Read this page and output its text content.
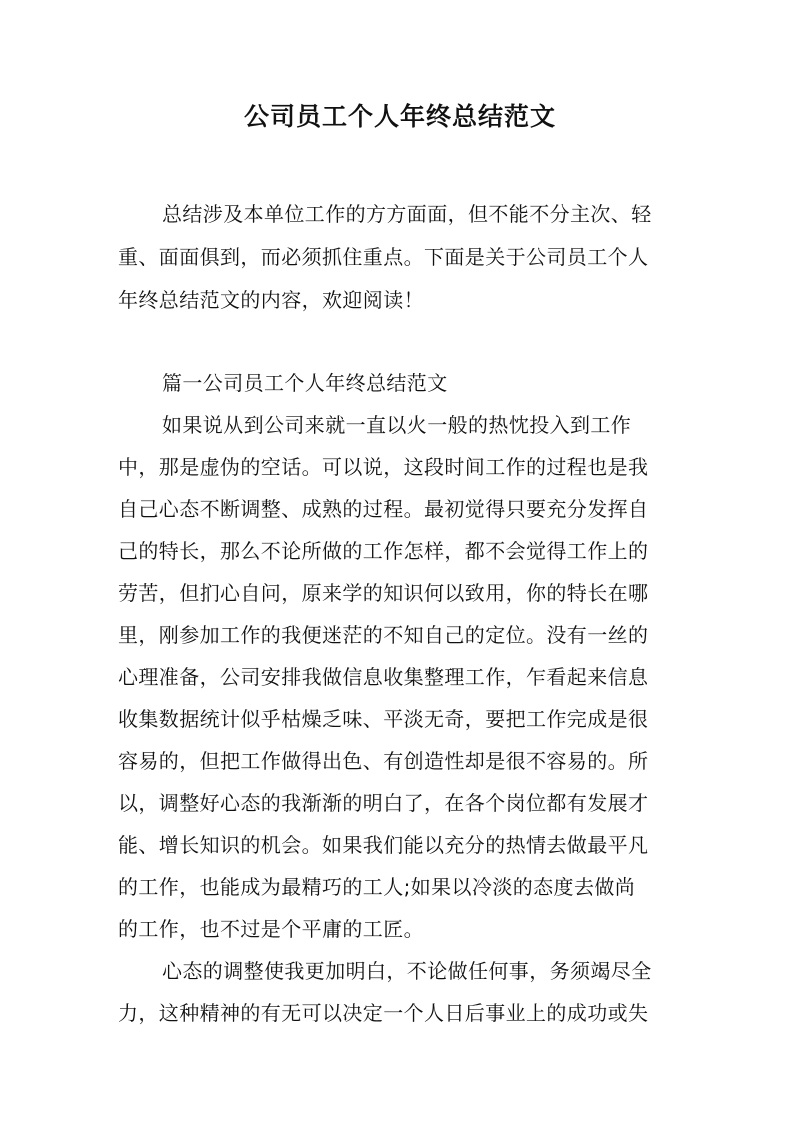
公司员工个人年终总结范文
总结涉及本单位工作的方方面面，但不能不分主次、轻
重、面面俱到，而必须抓住重点。下面是关于公司员工个人
年终总结范文的内容，欢迎阅读！
篇一公司员工个人年终总结范文
如果说从到公司来就一直以火一般的热忱投入到工作
中，那是虚伪的空话。可以说，这段时间工作的过程也是我
自己心态不断调整、成熟的过程。最初觉得只要充分发挥自
己的特长，那么不论所做的工作怎样，都不会觉得工作上的
劳苦，但扪心自问，原来学的知识何以致用，你的特长在哪
里，刚参加工作的我便迷茫的不知自己的定位。没有一丝的
心理准备，公司安排我做信息收集整理工作，乍看起来信息
收集数据统计似乎枯燥乏味、平淡无奇，要把工作完成是很
容易的，但把工作做得出色、有创造性却是很不容易的。所
以，调整好心态的我渐渐的明白了，在各个岗位都有发展才
能、增长知识的机会。如果我们能以充分的热情去做最平凡
的工作，也能成为最精巧的工人;如果以冷淡的态度去做尚
的工作，也不过是个平庸的工匠。
心态的调整使我更加明白，不论做任何事，务须竭尽全
力，这种精神的有无可以决定一个人日后事业上的成功或失
